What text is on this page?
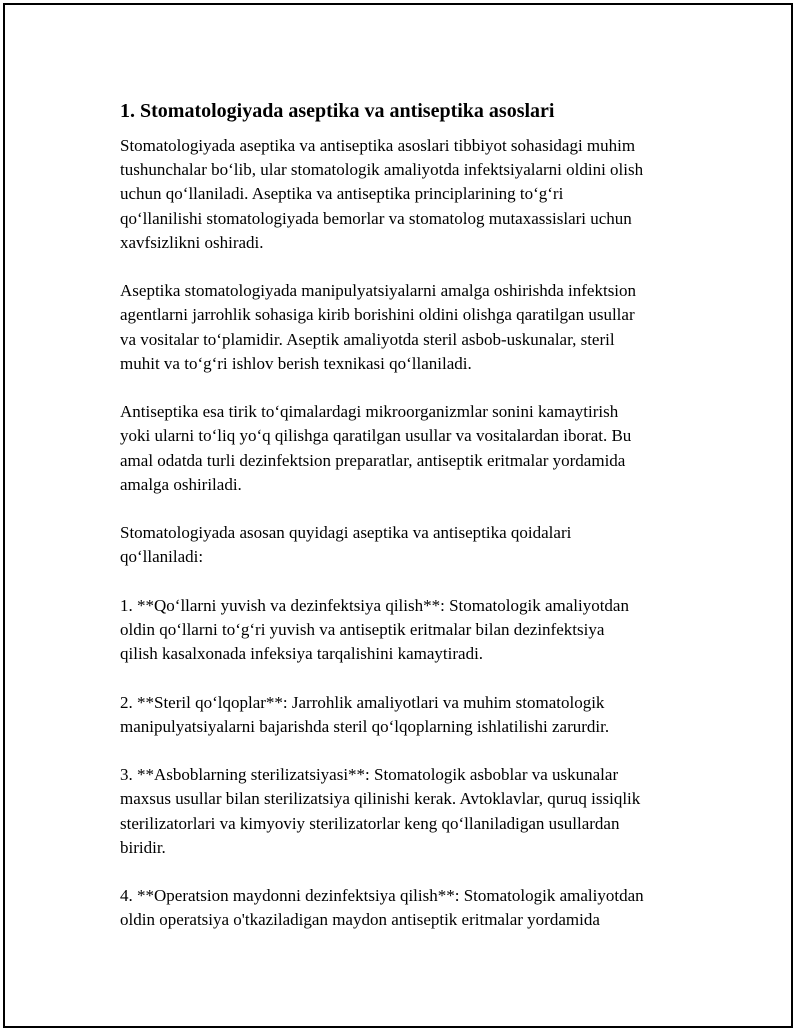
1. Stomatologiyada aseptika va antiseptika asoslari

Stomatologiyada aseptika va antiseptika asoslari tibbiyot sohasidagi muhim
tushunchalar bo‘lib, ular stomatologik amaliyotda infektsiyalarni oldini olish
uchun qo‘llaniladi. Aseptika va antiseptika principlarining to‘g‘ri
qo‘llanilishi stomatologiyada bemorlar va stomatolog mutaxassislari uchun
xavfsizlikni oshiradi.

Aseptika stomatologiyada manipulyatsiyalarni amalga oshirishda infektsion
agentlarni jarrohlik sohasiga kirib borishini oldini olishga qaratilgan usullar
va vositalar to‘plamidir. Aseptik amaliyotda steril asbob-uskunalar, steril
muhit va to‘g‘ri ishlov berish texnikasi qo‘llaniladi.

Antiseptika esa tirik to‘qimalardagi mikroorganizmlar sonini kamaytirish
yoki ularni to‘liq yo‘q qilishga qaratilgan usullar va vositalardan iborat. Bu
amal odatda turli dezinfektsion preparatlar, antiseptik eritmalar yordamida
amalga oshiriladi.

Stomatologiyada asosan quyidagi aseptika va antiseptika qoidalari
qo‘llaniladi:

1. **Qo‘llarni yuvish va dezinfektsiya qilish**: Stomatologik amaliyotdan
oldin qo‘llarni to‘g‘ri yuvish va antiseptik eritmalar bilan dezinfektsiya
qilish kasalxonada infeksiya tarqalishini kamaytiradi.

2. **Steril qo‘lqoplar**: Jarrohlik amaliyotlari va muhim stomatologik
manipulyatsiyalarni bajarishda steril qo‘lqoplarning ishlatilishi zarurdir.

3. **Asboblarning sterilizatsiyasi**: Stomatologik asboblar va uskunalar
maxsus usullar bilan sterilizatsiya qilinishi kerak. Avtoklavlar, quruq issiqlik
sterilizatorlari va kimyoviy sterilizatorlar keng qo‘llaniladigan usullardan
biridir.

4. **Operatsion maydonni dezinfektsiya qilish**: Stomatologik amaliyotdan
oldin operatsiya o'tkaziladigan maydon antiseptik eritmalar yordamida
